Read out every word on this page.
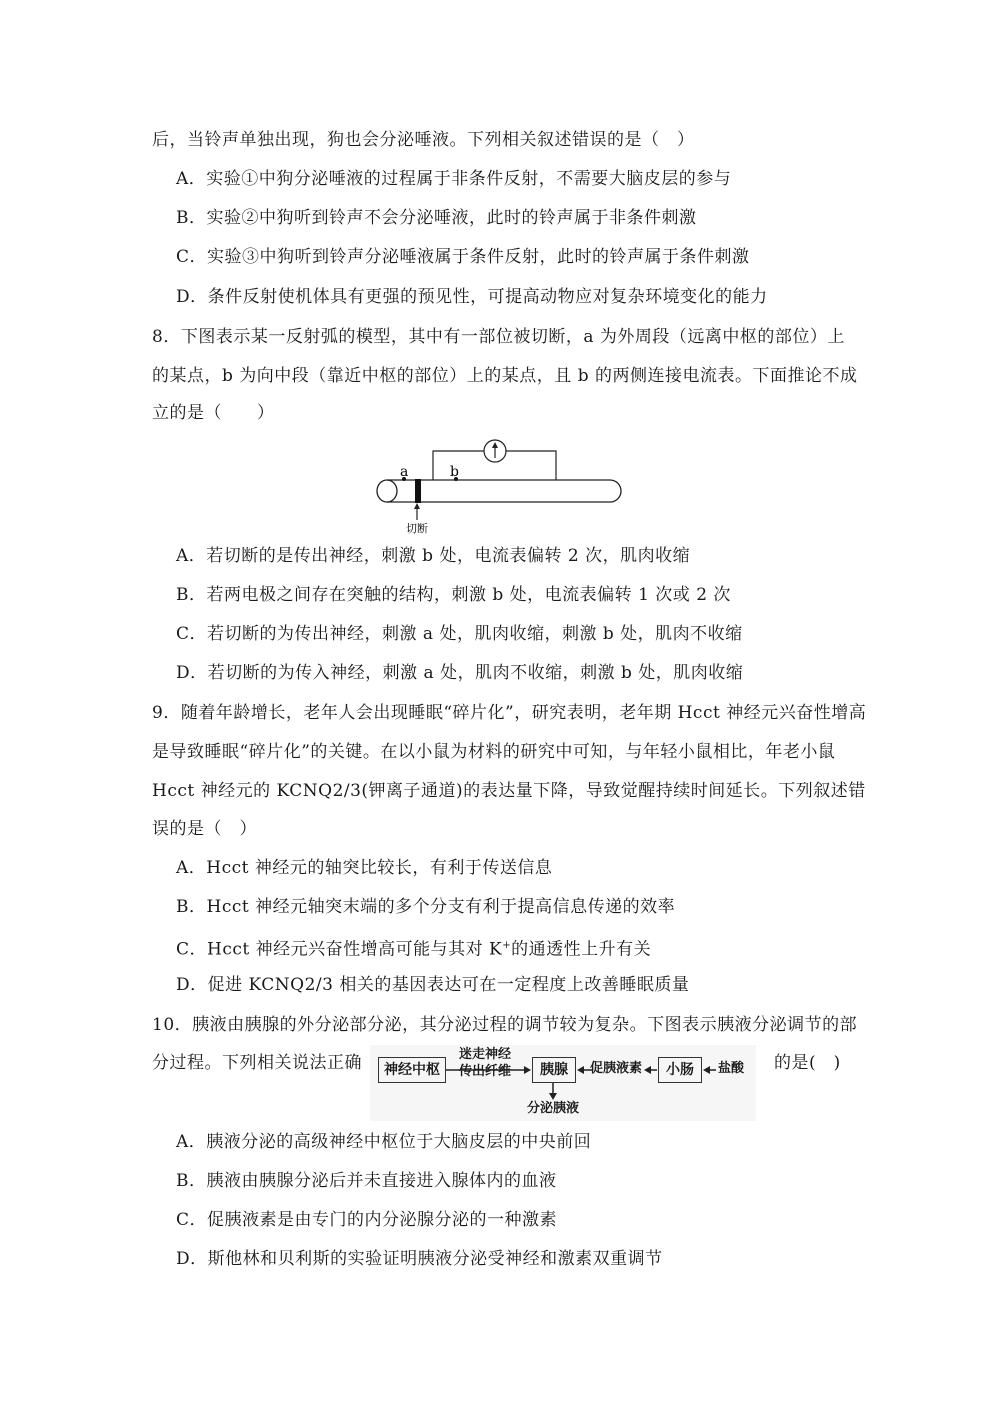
后，当铃声单独出现，狗也会分泌唾液。下列相关叙述错误的是（　）
A．实验①中狗分泌唾液的过程属于非条件反射，不需要大脑皮层的参与
B．实验②中狗听到铃声不会分泌唾液，此时的铃声属于非条件刺激
C．实验③中狗听到铃声分泌唾液属于条件反射，此时的铃声属于条件刺激
D．条件反射使机体具有更强的预见性，可提高动物应对复杂环境变化的能力
8．下图表示某一反射弧的模型，其中有一部位被切断，a 为外周段（远离中枢的部位）上
的某点，b 为向中段（靠近中枢的部位）上的某点，且 b 的两侧连接电流表。下面推论不成
立的是（　　）
a	b
切断
A．若切断的是传出神经，刺激 b 处，电流表偏转 2 次，肌肉收缩
B．若两电极之间存在突触的结构，刺激 b 处，电流表偏转 1 次或 2 次
C．若切断的为传出神经，刺激 a 处，肌肉收缩，刺激 b 处，肌肉不收缩
D．若切断的为传入神经，刺激 a 处，肌肉不收缩，刺激 b 处，肌肉收缩
9．随着年龄增长，老年人会出现睡眠“碎片化”，研究表明，老年期 Hcct 神经元兴奋性增高
是导致睡眠“碎片化”的关键。在以小鼠为材料的研究中可知，与年轻小鼠相比，年老小鼠
Hcct 神经元的 KCNQ2/3(钾离子通道)的表达量下降，导致觉醒持续时间延长。下列叙述错
误的是（　）
A．Hcct 神经元的轴突比较长，有利于传送信息
B．Hcct 神经元轴突末端的多个分支有利于提高信息传递的效率
C．Hcct 神经元兴奋性增高可能与其对 K+的通透性上升有关
D．促进 KCNQ2/3 相关的基因表达可在一定程度上改善睡眠质量
10．胰液由胰腺的外分泌部分泌，其分泌过程的调节较为复杂。下图表示胰液分泌调节的部
分过程。下列相关说法正确	的是(　)
神经中枢
迷走神经
传出纤维	胰腺	促胰液素	小肠	盐酸
分泌胰液
A．胰液分泌的高级神经中枢位于大脑皮层的中央前回
B．胰液由胰腺分泌后并未直接进入腺体内的血液
C．促胰液素是由专门的内分泌腺分泌的一种激素
D．斯他林和贝利斯的实验证明胰液分泌受神经和激素双重调节
